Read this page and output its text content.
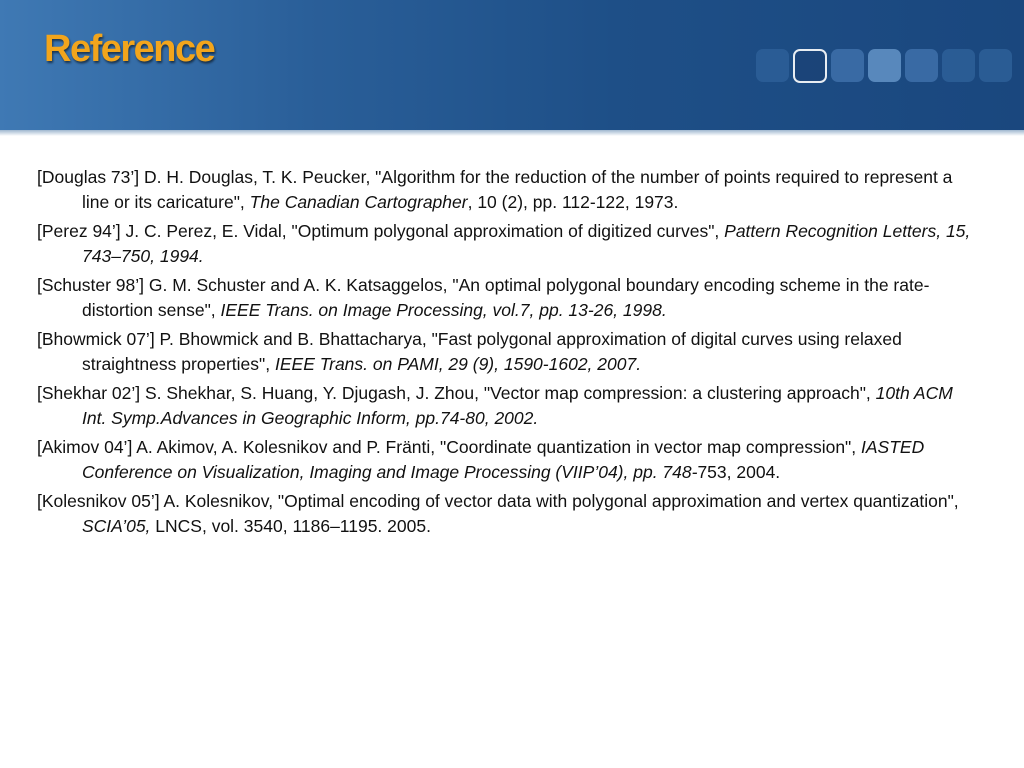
Reference

[Douglas 73’] D. H. Douglas, T. K. Peucker, "Algorithm for the reduction of the number of points required to represent a line or its caricature", The Canadian Cartographer, 10 (2), pp. 112-122, 1973.

[Perez 94’] J. C. Perez, E. Vidal, "Optimum polygonal approximation of digitized curves", Pattern Recognition Letters, 15, 743–750, 1994.

[Schuster 98’] G. M. Schuster and A. K. Katsaggelos, "An optimal polygonal boundary encoding scheme in the rate-distortion sense", IEEE Trans. on Image Processing, vol.7, pp. 13-26, 1998.

[Bhowmick 07’] P. Bhowmick and B. Bhattacharya, "Fast polygonal approximation of digital curves using relaxed straightness properties", IEEE Trans. on PAMI, 29 (9), 1590-1602, 2007.

[Shekhar 02’] S. Shekhar, S. Huang, Y. Djugash, J. Zhou, "Vector map compression: a clustering approach", 10th ACM Int. Symp.Advances in Geographic Inform, pp.74-80, 2002.

[Akimov 04’] A. Akimov, A. Kolesnikov and P. Fränti, "Coordinate quantization in vector map compression", IASTED Conference on Visualization, Imaging and Image Processing (VIIP’04), pp. 748-753, 2004.

[Kolesnikov 05’] A. Kolesnikov, "Optimal encoding of vector data with polygonal approximation and vertex quantization", SCIA’05, LNCS, vol. 3540, 1186–1195. 2005.
